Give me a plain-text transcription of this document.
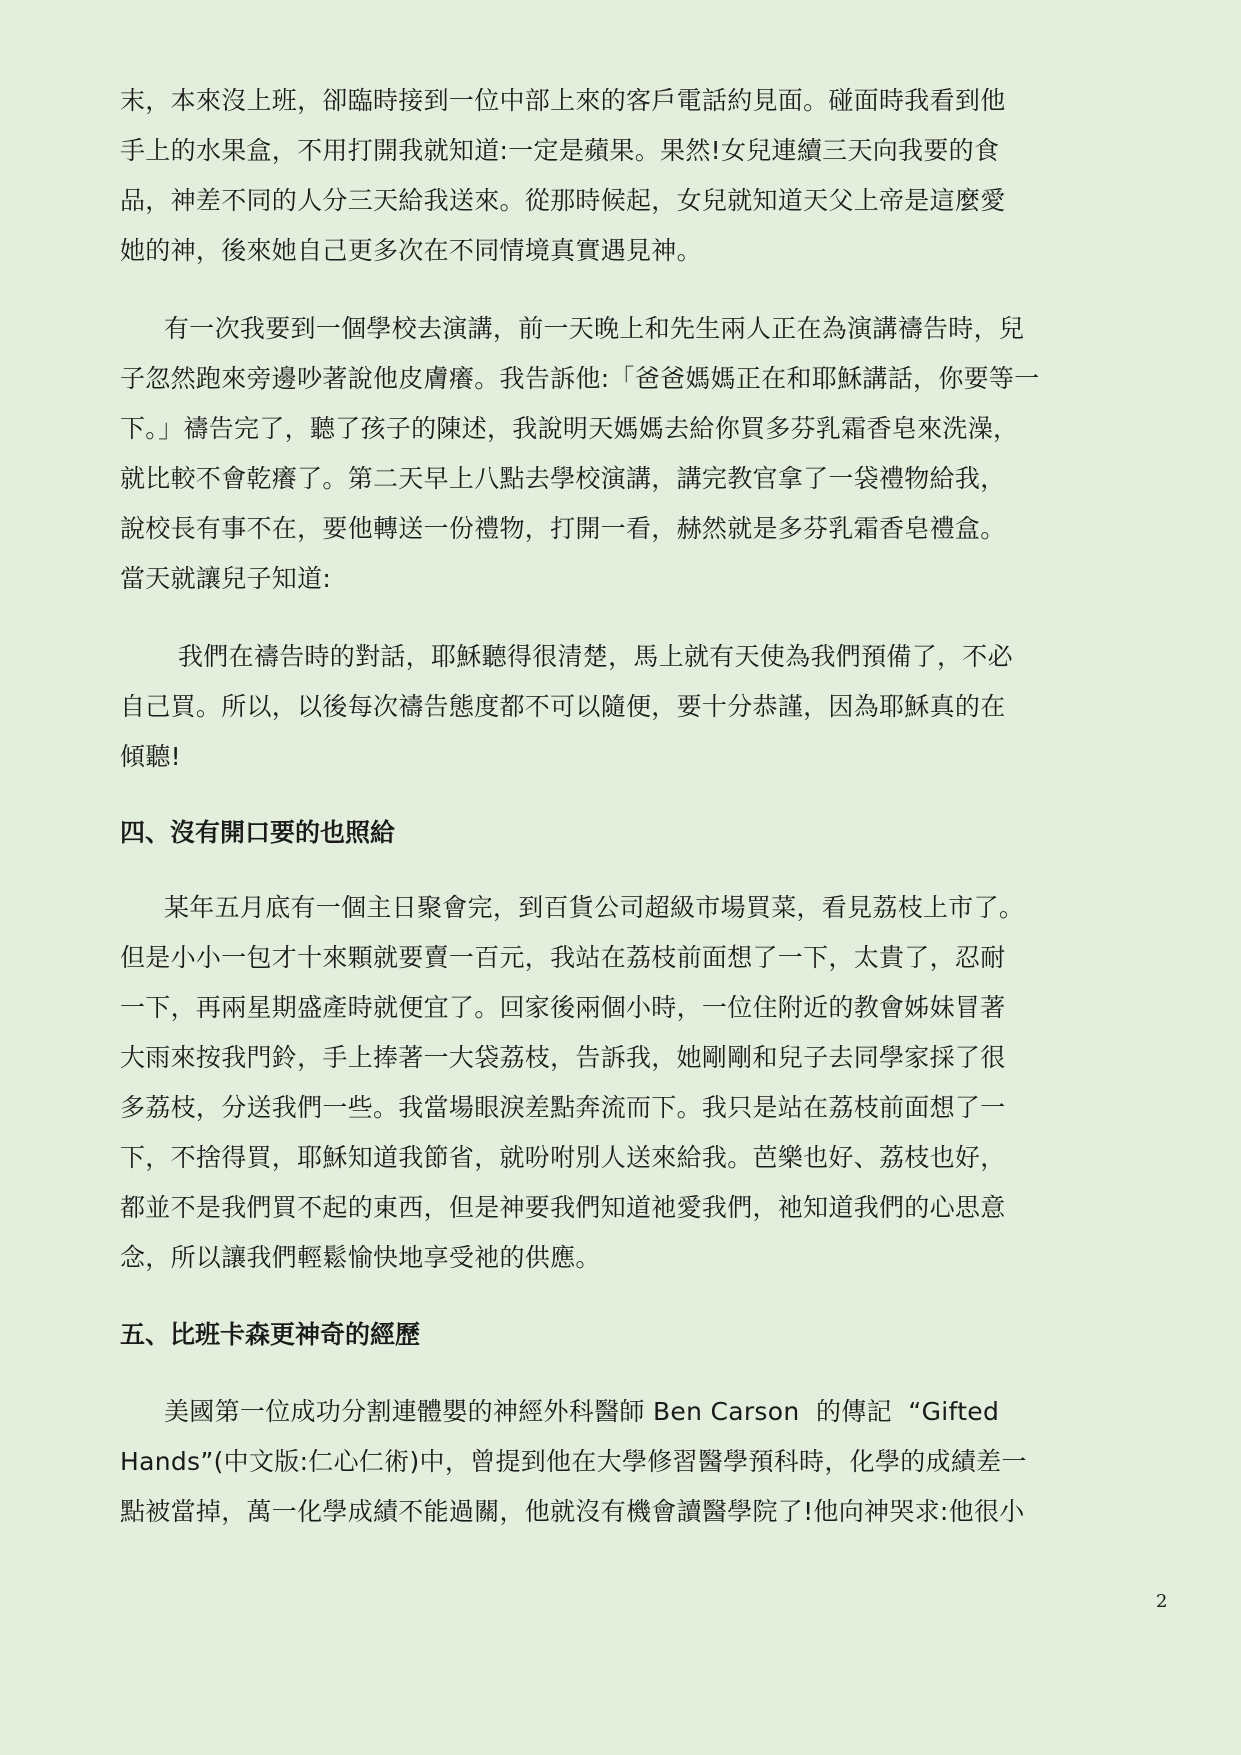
末，本來沒上班，卻臨時接到一位中部上來的客戶電話約見面。碰面時我看到他
手上的水果盒，不用打開我就知道:一定是蘋果。果然!女兒連續三天向我要的食
品，神差不同的人分三天給我送來。從那時候起，女兒就知道天父上帝是這麼愛
她的神，後來她自己更多次在不同情境真實遇見神。
有一次我要到一個學校去演講，前一天晚上和先生兩人正在為演講禱告時，兒
子忽然跑來旁邊吵著說他皮膚癢。我告訴他:「爸爸媽媽正在和耶穌講話，你要等一
下。」禱告完了，聽了孩子的陳述，我說明天媽媽去給你買多芬乳霜香皂來洗澡，
就比較不會乾癢了。第二天早上八點去學校演講，講完教官拿了一袋禮物給我，
說校長有事不在，要他轉送一份禮物，打開一看，赫然就是多芬乳霜香皂禮盒。
當天就讓兒子知道:
我們在禱告時的對話，耶穌聽得很清楚，馬上就有天使為我們預備了，不必
自己買。所以，以後每次禱告態度都不可以隨便，要十分恭謹，因為耶穌真的在
傾聽!
四、沒有開口要的也照給
某年五月底有一個主日聚會完，到百貨公司超級市場買菜，看見荔枝上市了。
但是小小一包才十來顆就要賣一百元，我站在荔枝前面想了一下，太貴了，忍耐
一下，再兩星期盛產時就便宜了。回家後兩個小時，一位住附近的教會姊妹冒著
大雨來按我門鈴，手上捧著一大袋荔枝，告訴我，她剛剛和兒子去同學家採了很
多荔枝，分送我們一些。我當場眼淚差點奔流而下。我只是站在荔枝前面想了一
下，不捨得買，耶穌知道我節省，就吩咐別人送來給我。芭樂也好、荔枝也好，
都並不是我們買不起的東西，但是神要我們知道祂愛我們，祂知道我們的心思意
念，所以讓我們輕鬆愉快地享受祂的供應。
五、比班卡森更神奇的經歷
美國第一位成功分割連體嬰的神經外科醫師 Ben Carson  的傳記  “Gifted
Hands”(中文版:仁心仁術)中，曾提到他在大學修習醫學預科時，化學的成績差一
點被當掉，萬一化學成績不能過關，他就沒有機會讀醫學院了!他向神哭求:他很小
2
